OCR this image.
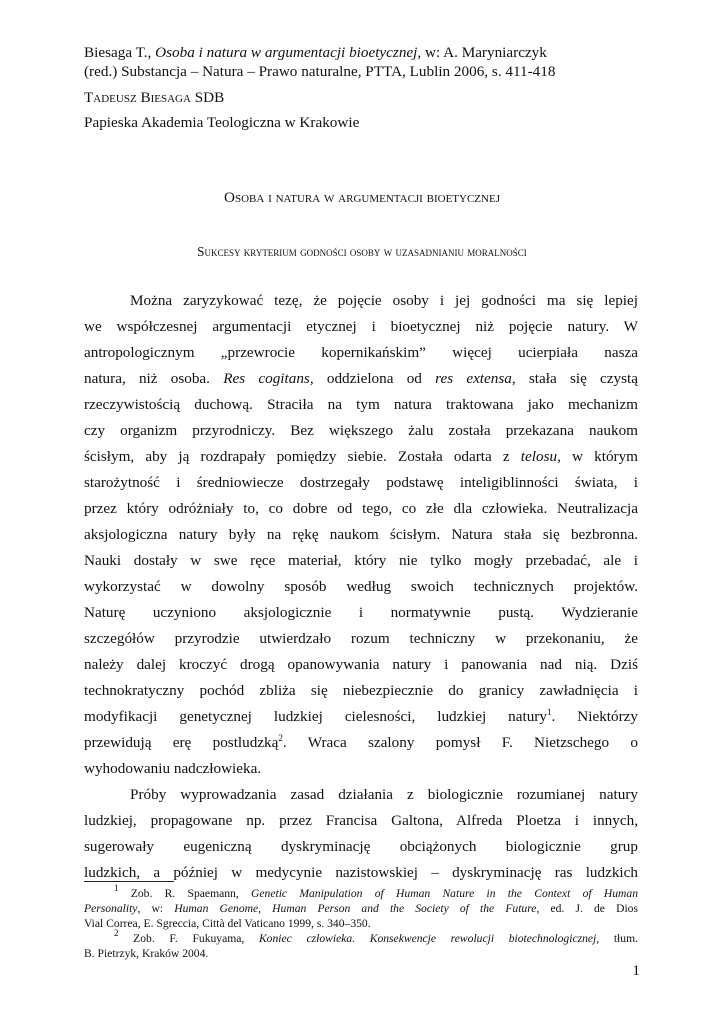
Biesaga T., Osoba i natura w argumentacji bioetycznej, w: A. Maryniarczyk
(red.) Substancja – Natura – Prawo naturalne, PTTA, Lublin 2006, s. 411-418
Tadeusz Biesaga SDB
Papieska Akademia Teologiczna w Krakowie
Osoba i natura w argumentacji bioetycznej
Sukcesy kryterium godności osoby w uzasadnianiu moralności
Można zaryzykować tezę, że pojęcie osoby i jej godności ma się lepiej
we współczesnej argumentacji etycznej i bioetycznej niż pojęcie natury. W
antropologicznym „przewrocie kopernikańskim” więcej ucierpiała nasza
natura, niż osoba. Res cogitans, oddzielona od res extensa, stała się czystą
rzeczywistością duchową. Straciła na tym natura traktowana jako mechanizm
czy organizm przyrodniczy. Bez większego żalu została przekazana naukom
ścisłym, aby ją rozdrapały pomiędzy siebie. Została odarta z telosu, w którym
starożytność i średniowiecze dostrzegały podstawę inteligiblinności świata, i
przez który odróżniały to, co dobre od tego, co złe dla człowieka. Neutralizacja
aksjologiczna natury były na rękę naukom ścisłym. Natura stała się bezbronna.
Nauki dostały w swe ręce materiał, który nie tylko mogły przebadać, ale i
wykorzystać w dowolny sposób według swoich technicznych projektów.
Naturę uczyniono aksjologicznie i normatywnie pustą. Wydzieranie
szczegółów przyrodzie utwierdzało rozum techniczny w przekonaniu, że
należy dalej kroczyć drogą opanowywania natury i panowania nad nią. Dziś
technokratyczny pochód zbliża się niebezpiecznie do granicy zawładnięcia i
modyfikacji genetycznej ludzkiej cielesności, ludzkiej natury$^1$. Niektórzy
przewidują erę postludzką$^2$. Wraca szalony pomysł F. Nietzschego o
wyhodowaniu nadczłowieka.
Próby wyprowadzania zasad działania z biologicznie rozumianej natury
ludzkiej, propagowane np. przez Francisa Galtona, Alfreda Ploetza i innych,
sugerowały eugeniczną dyskryminację obciążonych biologicznie grup
ludzkich, a później w medycynie nazistowskiej – dyskryminację ras ludzkich
$^1$ Zob. R. Spaemann, Genetic Manipulation of Human Nature in the Context of Human
Personality, w: Human Genome, Human Person and the Society of the Future, ed. J. de Dios
Vial Correa, E. Sgreccia, Città del Vaticano 1999, s. 340–350.
$^2$ Zob. F. Fukuyama, Koniec człowieka. Konsekwencje rewolucji biotechnologicznej, tłum.
B. Pietrzyk, Kraków 2004.
1
